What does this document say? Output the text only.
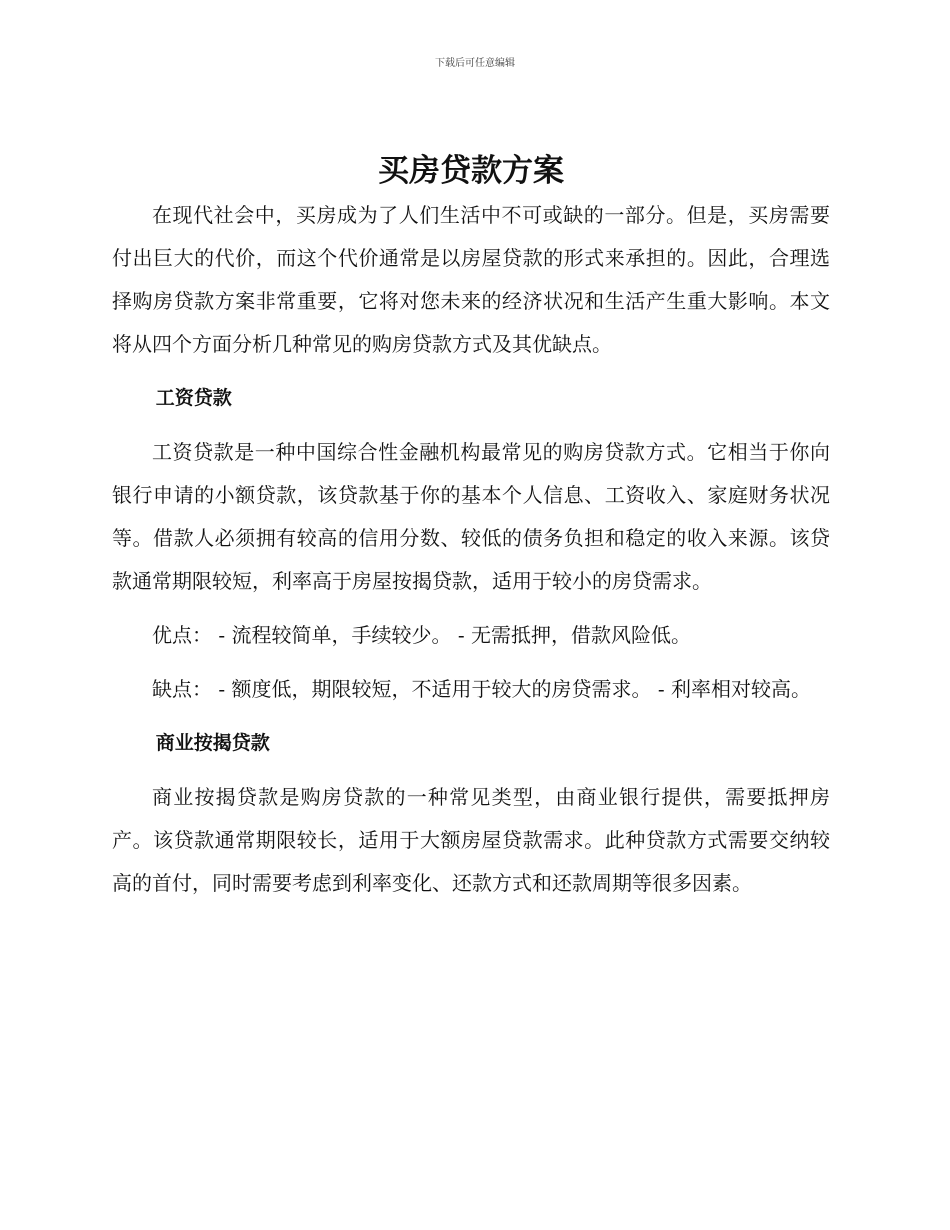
下载后可任意编辑
买房贷款方案

在现代社会中，买房成为了人们生活中不可或缺的一部分。但是，买房需要付出巨大的代价，而这个代价通常是以房屋贷款的形式来承担的。因此，合理选择购房贷款方案非常重要，它将对您未来的经济状况和生活产生重大影响。本文将从四个方面分析几种常见的购房贷款方式及其优缺点。

工资贷款

工资贷款是一种中国综合性金融机构最常见的购房贷款方式。它相当于你向银行申请的小额贷款，该贷款基于你的基本个人信息、工资收入、家庭财务状况等。借款人必须拥有较高的信用分数、较低的债务负担和稳定的收入来源。该贷款通常期限较短，利率高于房屋按揭贷款，适用于较小的房贷需求。

优点： - 流程较简单，手续较少。 - 无需抵押，借款风险低。

缺点： - 额度低，期限较短，不适用于较大的房贷需求。 - 利率相对较高。

商业按揭贷款

商业按揭贷款是购房贷款的一种常见类型，由商业银行提供，需要抵押房产。该贷款通常期限较长，适用于大额房屋贷款需求。此种贷款方式需要交纳较高的首付，同时需要考虑到利率变化、还款方式和还款周期等很多因素。
